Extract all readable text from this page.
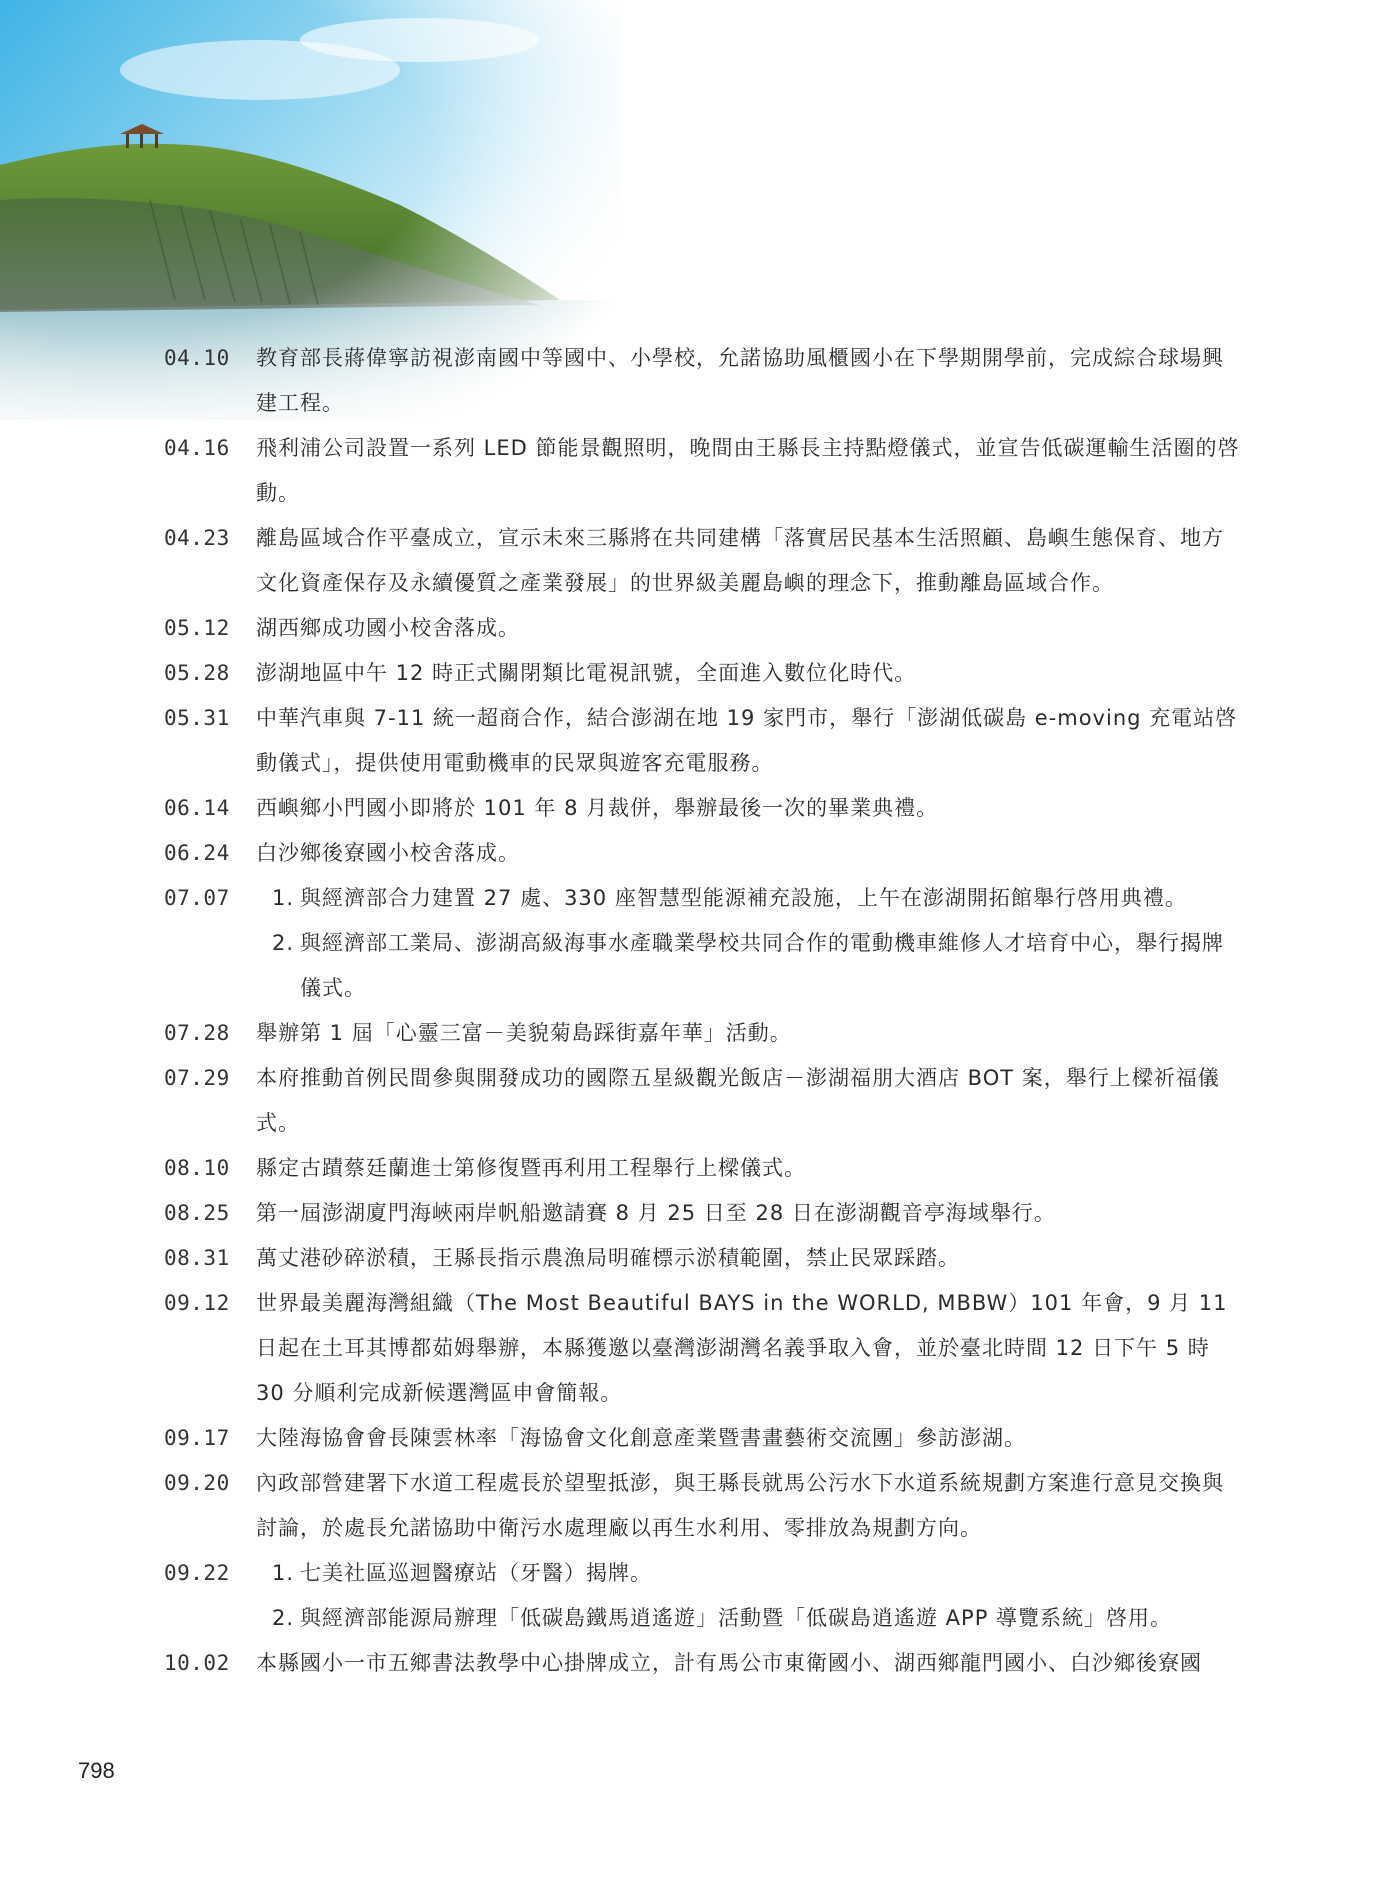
04.10	教育部長蔣偉寧訪視澎南國中等國中、小學校，允諾協助風櫃國小在下學期開學前，完成綜合球場興建工程。
04.16	飛利浦公司設置一系列 LED 節能景觀照明，晚間由王縣長主持點燈儀式，並宣告低碳運輸生活圈的啓動。
04.23	離島區域合作平臺成立，宣示未來三縣將在共同建構「落實居民基本生活照顧、島嶼生態保育、地方文化資產保存及永續優質之產業發展」的世界級美麗島嶼的理念下，推動離島區域合作。
05.12	湖西鄉成功國小校舍落成。
05.28	澎湖地區中午 12 時正式關閉類比電視訊號，全面進入數位化時代。
05.31	中華汽車與 7-11 統一超商合作，結合澎湖在地 19 家門市，舉行「澎湖低碳島 e-moving 充電站啓動儀式」，提供使用電動機車的民眾與遊客充電服務。
06.14	西嶼鄉小門國小即將於 101 年 8 月裁併，舉辦最後一次的畢業典禮。
06.24	白沙鄉後寮國小校舍落成。
07.07	1. 與經濟部合力建置 27 處、330 座智慧型能源補充設施，上午在澎湖開拓館舉行啓用典禮。
2. 與經濟部工業局、澎湖高級海事水產職業學校共同合作的電動機車維修人才培育中心，舉行揭牌儀式。
07.28	舉辦第 1 屆「心靈三富－美貌菊島踩街嘉年華」活動。
07.29	本府推動首例民間參與開發成功的國際五星級觀光飯店－澎湖福朋大酒店 BOT 案，舉行上樑祈福儀式。
08.10	縣定古蹟蔡廷蘭進士第修復暨再利用工程舉行上樑儀式。
08.25	第一屆澎湖廈門海峽兩岸帆船邀請賽 8 月 25 日至 28 日在澎湖觀音亭海域舉行。
08.31	萬丈港砂碎淤積，王縣長指示農漁局明確標示淤積範圍，禁止民眾踩踏。
09.12	世界最美麗海灣組織（The Most Beautiful BAYS in the WORLD, MBBW）101 年會，9 月 11 日起在土耳其博都茹姆舉辦，本縣獲邀以臺灣澎湖灣名義爭取入會，並於臺北時間 12 日下午 5 時 30 分順利完成新候選灣區申會簡報。
09.17	大陸海協會會長陳雲林率「海協會文化創意產業暨書畫藝術交流團」參訪澎湖。
09.20	內政部營建署下水道工程處長於望聖抵澎，與王縣長就馬公污水下水道系統規劃方案進行意見交換與討論，於處長允諾協助中衛污水處理廠以再生水利用、零排放為規劃方向。
09.22	1. 七美社區巡迴醫療站（牙醫）揭牌。
2. 與經濟部能源局辦理「低碳島鐵馬逍遙遊」活動暨「低碳島逍遙遊 APP 導覽系統」啓用。
10.02	本縣國小一市五鄉書法教學中心掛牌成立，計有馬公市東衛國小、湖西鄉龍門國小、白沙鄉後寮國
798
